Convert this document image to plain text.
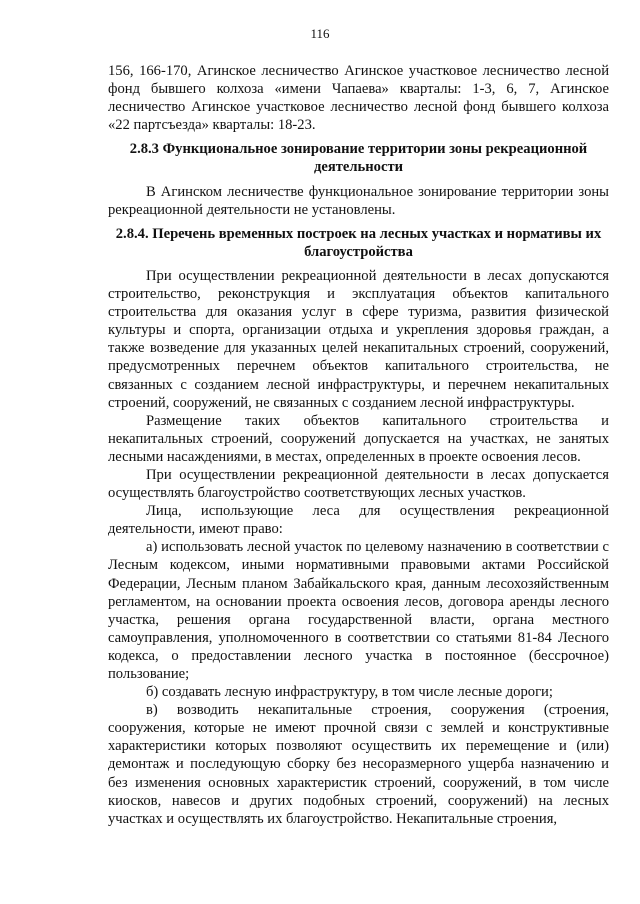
116

156, 166-170, Агинское лесничество Агинское участковое лесничество лесной фонд бывшего колхоза «имени Чапаева» кварталы: 1-3, 6, 7, Агинское лесничество Агинское участковое лесничество лесной фонд бывшего колхоза «22 партсъезда» кварталы: 18-23.

2.8.3 Функциональное зонирование территории зоны рекреационной деятельности

В Агинском лесничестве функциональное зонирование территории зоны рекреационной деятельности не установлены.

2.8.4. Перечень временных построек на лесных участках и нормативы их благоустройства

При осуществлении рекреационной деятельности в лесах допускаются строительство, реконструкция и эксплуатация объектов капитального строительства для оказания услуг в сфере туризма, развития физической культуры и спорта, организации отдыха и укрепления здоровья граждан, а также возведение для указанных целей некапитальных строений, сооружений, предусмотренных перечнем объектов капитального строительства, не связанных с созданием лесной инфраструктуры, и перечнем некапитальных строений, сооружений, не связанных с созданием лесной инфраструктуры.

Размещение таких объектов капитального строительства и некапитальных строений, сооружений допускается на участках, не занятых лесными насаждениями, в местах, определенных в проекте освоения лесов.

При осуществлении рекреационной деятельности в лесах допускается осуществлять благоустройство соответствующих лесных участков.

Лица, использующие леса для осуществления рекреационной деятельности, имеют право:

а) использовать лесной участок по целевому назначению в соответствии с Лесным кодексом, иными нормативными правовыми актами Российской Федерации, Лесным планом Забайкальского края, данным лесохозяйственным регламентом, на основании проекта освоения лесов, договора аренды лесного участка, решения органа государственной власти, органа местного самоуправления, уполномоченного в соответствии со статьями 81-84 Лесного кодекса, о предоставлении лесного участка в постоянное (бессрочное) пользование;

б) создавать лесную инфраструктуру, в том числе лесные дороги;

в) возводить некапитальные строения, сооружения (строения, сооружения, которые не имеют прочной связи с землей и конструктивные характеристики которых позволяют осуществить их перемещение и (или) демонтаж и последующую сборку без несоразмерного ущерба назначению и без изменения основных характеристик строений, сооружений, в том числе киосков, навесов и других подобных строений, сооружений) на лесных участках и осуществлять их благоустройство. Некапитальные строения,
